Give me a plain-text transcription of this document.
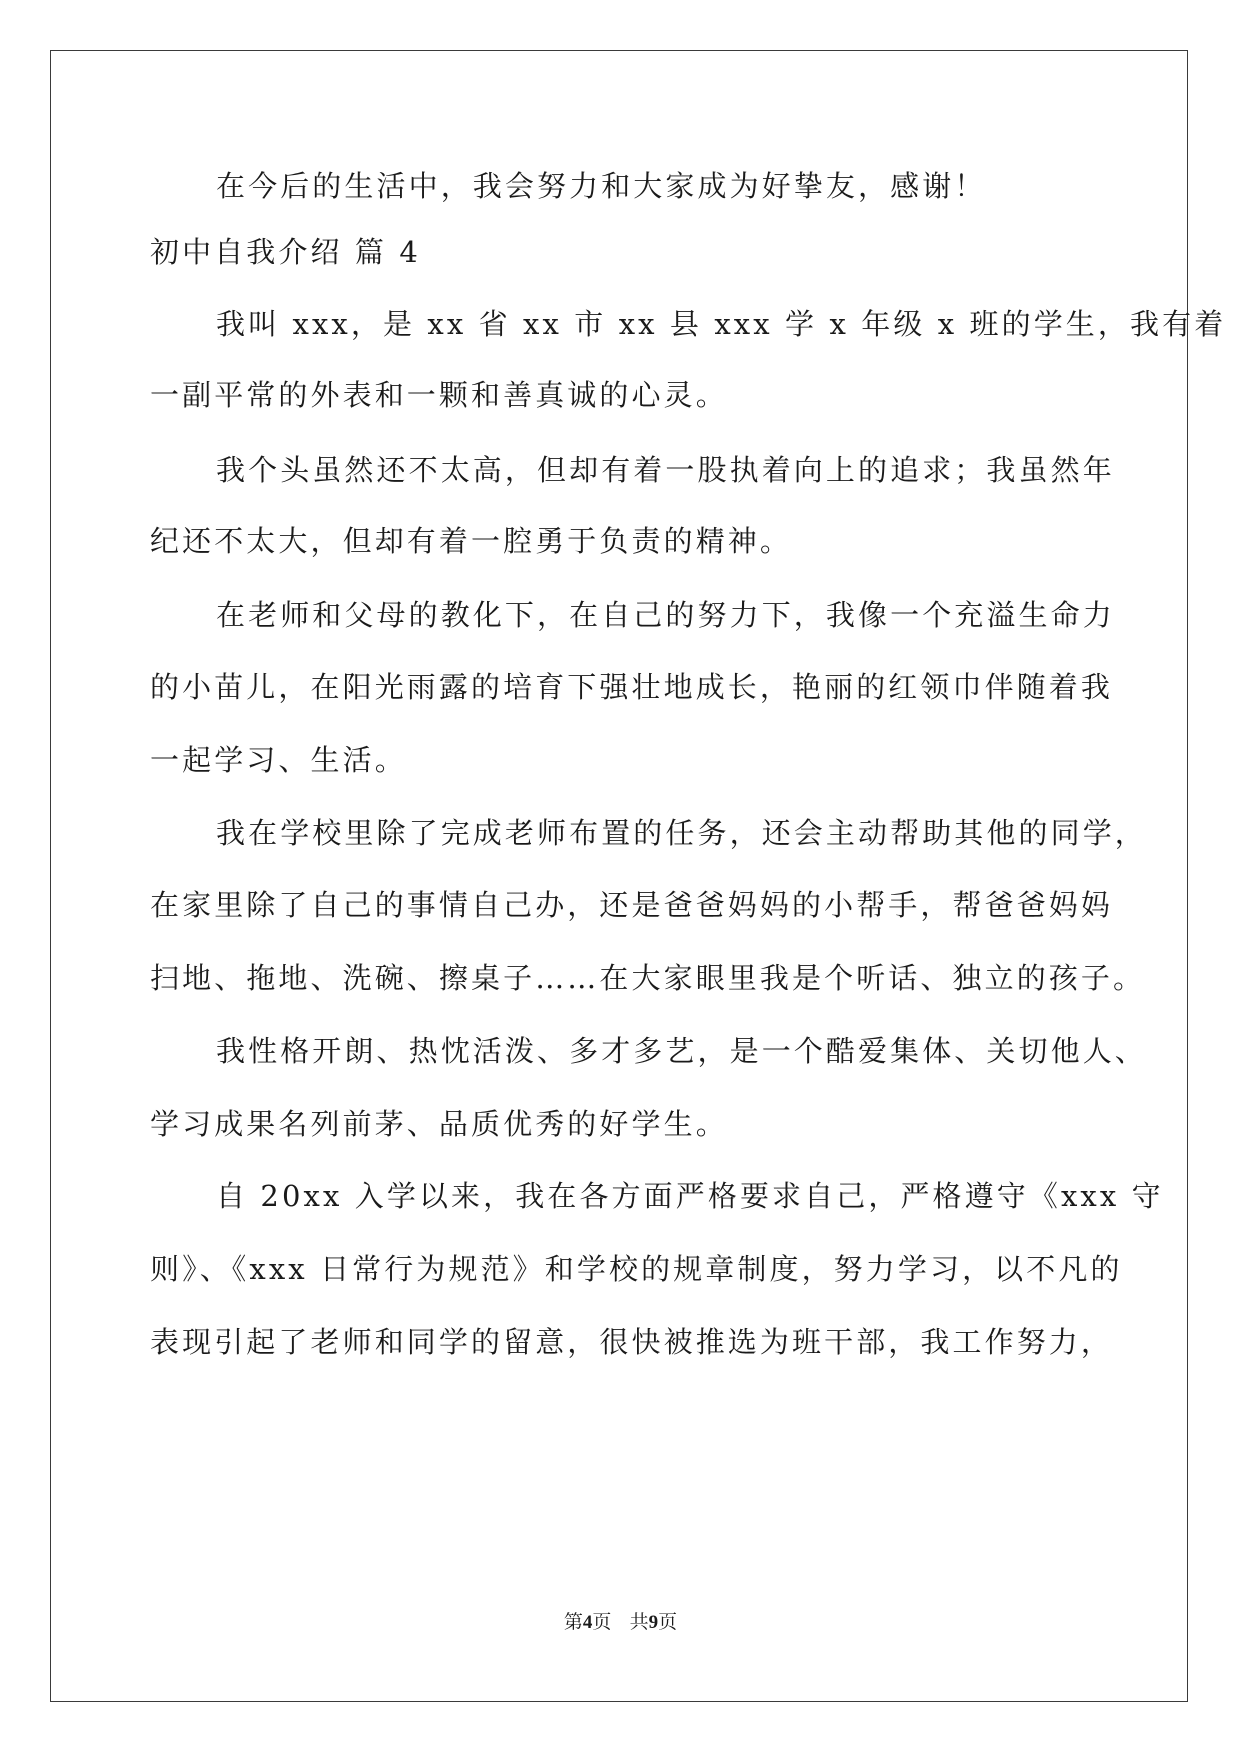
在今后的生活中，我会努力和大家成为好挚友，感谢！
初中自我介绍 篇 4
我叫 xxx，是 xx 省 xx 市 xx 县 xxx 学 x 年级 x 班的学生，我有着
一副平常的外表和一颗和善真诚的心灵。
我个头虽然还不太高，但却有着一股执着向上的追求；我虽然年
纪还不太大，但却有着一腔勇于负责的精神。
在老师和父母的教化下，在自己的努力下，我像一个充溢生命力
的小苗儿，在阳光雨露的培育下强壮地成长，艳丽的红领巾伴随着我
一起学习、生活。
我在学校里除了完成老师布置的任务，还会主动帮助其他的同学，
在家里除了自己的事情自己办，还是爸爸妈妈的小帮手，帮爸爸妈妈
扫地、拖地、洗碗、擦桌子……在大家眼里我是个听话、独立的孩子。
我性格开朗、热忱活泼、多才多艺，是一个酷爱集体、关切他人、
学习成果名列前茅、品质优秀的好学生。
自 20xx 入学以来，我在各方面严格要求自己，严格遵守《xxx 守
则》、《xxx 日常行为规范》和学校的规章制度，努力学习，以不凡的
表现引起了老师和同学的留意，很快被推选为班干部，我工作努力，
第4页 共9页
